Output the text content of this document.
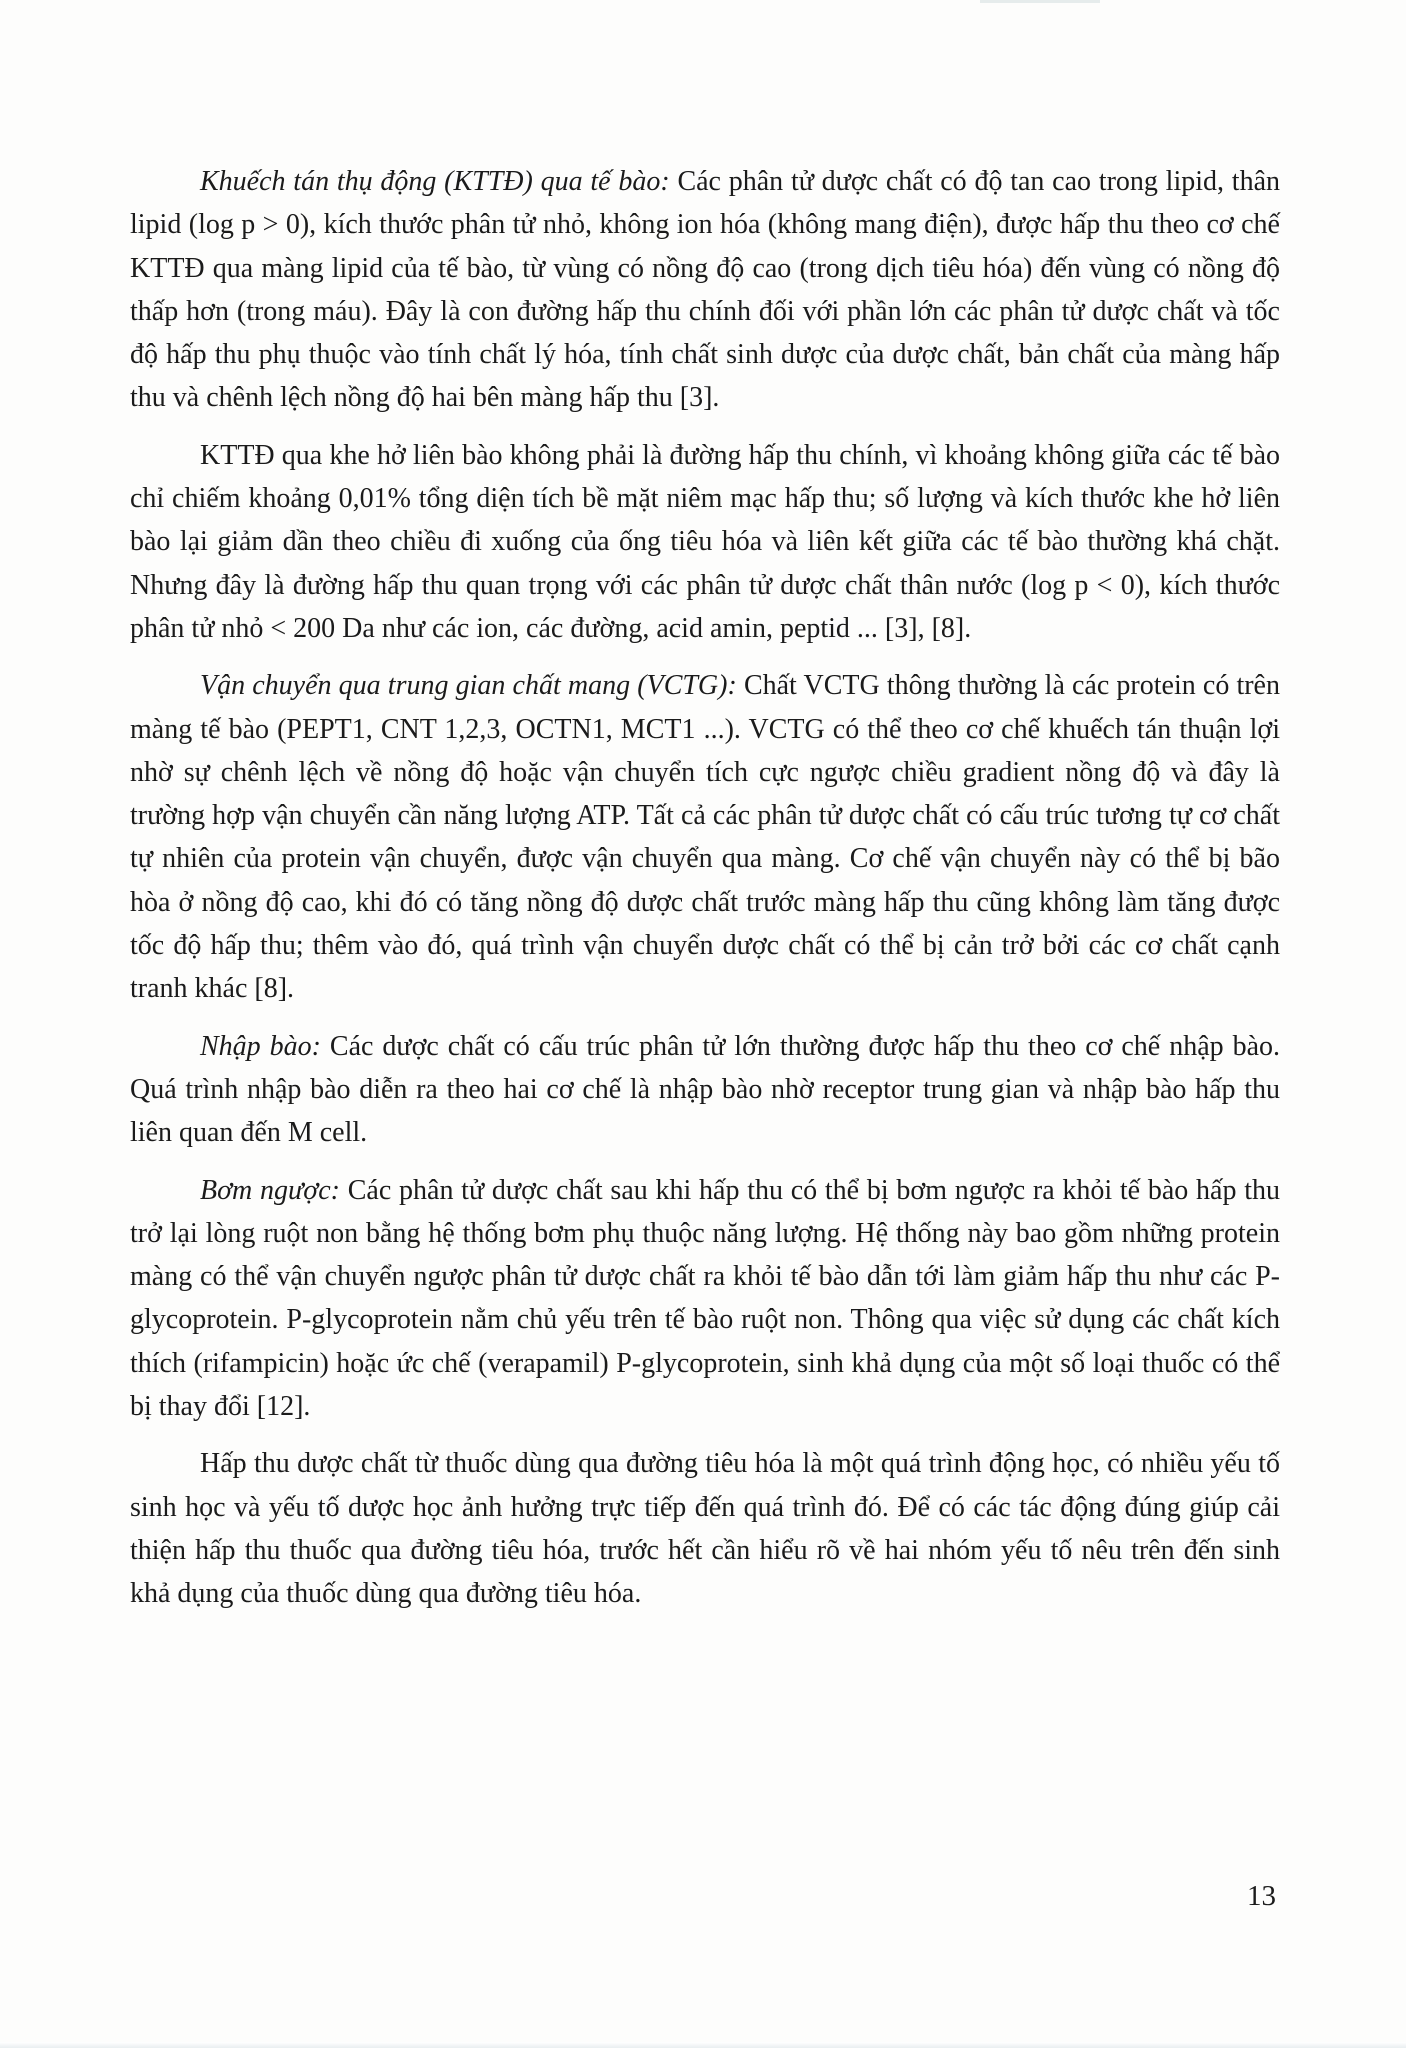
Khuếch tán thụ động (KTTĐ) qua tế bào: Các phân tử dược chất có độ tan cao trong lipid, thân lipid (log p > 0), kích thước phân tử nhỏ, không ion hóa (không mang điện), được hấp thu theo cơ chế KTTĐ qua màng lipid của tế bào, từ vùng có nồng độ cao (trong dịch tiêu hóa) đến vùng có nồng độ thấp hơn (trong máu). Đây là con đường hấp thu chính đối với phần lớn các phân tử dược chất và tốc độ hấp thu phụ thuộc vào tính chất lý hóa, tính chất sinh dược của dược chất, bản chất của màng hấp thu và chênh lệch nồng độ hai bên màng hấp thu [3].

KTTĐ qua khe hở liên bào không phải là đường hấp thu chính, vì khoảng không giữa các tế bào chỉ chiếm khoảng 0,01% tổng diện tích bề mặt niêm mạc hấp thu; số lượng và kích thước khe hở liên bào lại giảm dần theo chiều đi xuống của ống tiêu hóa và liên kết giữa các tế bào thường khá chặt. Nhưng đây là đường hấp thu quan trọng với các phân tử dược chất thân nước (log p < 0), kích thước phân tử nhỏ < 200 Da như các ion, các đường, acid amin, peptid ... [3], [8].

Vận chuyển qua trung gian chất mang (VCTG): Chất VCTG thông thường là các protein có trên màng tế bào (PEPT1, CNT 1,2,3, OCTN1, MCT1 ...). VCTG có thể theo cơ chế khuếch tán thuận lợi nhờ sự chênh lệch về nồng độ hoặc vận chuyển tích cực ngược chiều gradient nồng độ và đây là trường hợp vận chuyển cần năng lượng ATP. Tất cả các phân tử dược chất có cấu trúc tương tự cơ chất tự nhiên của protein vận chuyển, được vận chuyển qua màng. Cơ chế vận chuyển này có thể bị bão hòa ở nồng độ cao, khi đó có tăng nồng độ dược chất trước màng hấp thu cũng không làm tăng được tốc độ hấp thu; thêm vào đó, quá trình vận chuyển dược chất có thể bị cản trở bởi các cơ chất cạnh tranh khác [8].

Nhập bào: Các dược chất có cấu trúc phân tử lớn thường được hấp thu theo cơ chế nhập bào. Quá trình nhập bào diễn ra theo hai cơ chế là nhập bào nhờ receptor trung gian và nhập bào hấp thu liên quan đến M cell.

Bơm ngược: Các phân tử dược chất sau khi hấp thu có thể bị bơm ngược ra khỏi tế bào hấp thu trở lại lòng ruột non bằng hệ thống bơm phụ thuộc năng lượng. Hệ thống này bao gồm những protein màng có thể vận chuyển ngược phân tử dược chất ra khỏi tế bào dẫn tới làm giảm hấp thu như các P-glycoprotein. P-glycoprotein nằm chủ yếu trên tế bào ruột non. Thông qua việc sử dụng các chất kích thích (rifampicin) hoặc ức chế (verapamil) P-glycoprotein, sinh khả dụng của một số loại thuốc có thể bị thay đổi [12].

Hấp thu dược chất từ thuốc dùng qua đường tiêu hóa là một quá trình động học, có nhiều yếu tố sinh học và yếu tố dược học ảnh hưởng trực tiếp đến quá trình đó. Để có các tác động đúng giúp cải thiện hấp thu thuốc qua đường tiêu hóa, trước hết cần hiểu rõ về hai nhóm yếu tố nêu trên đến sinh khả dụng của thuốc dùng qua đường tiêu hóa.

13
